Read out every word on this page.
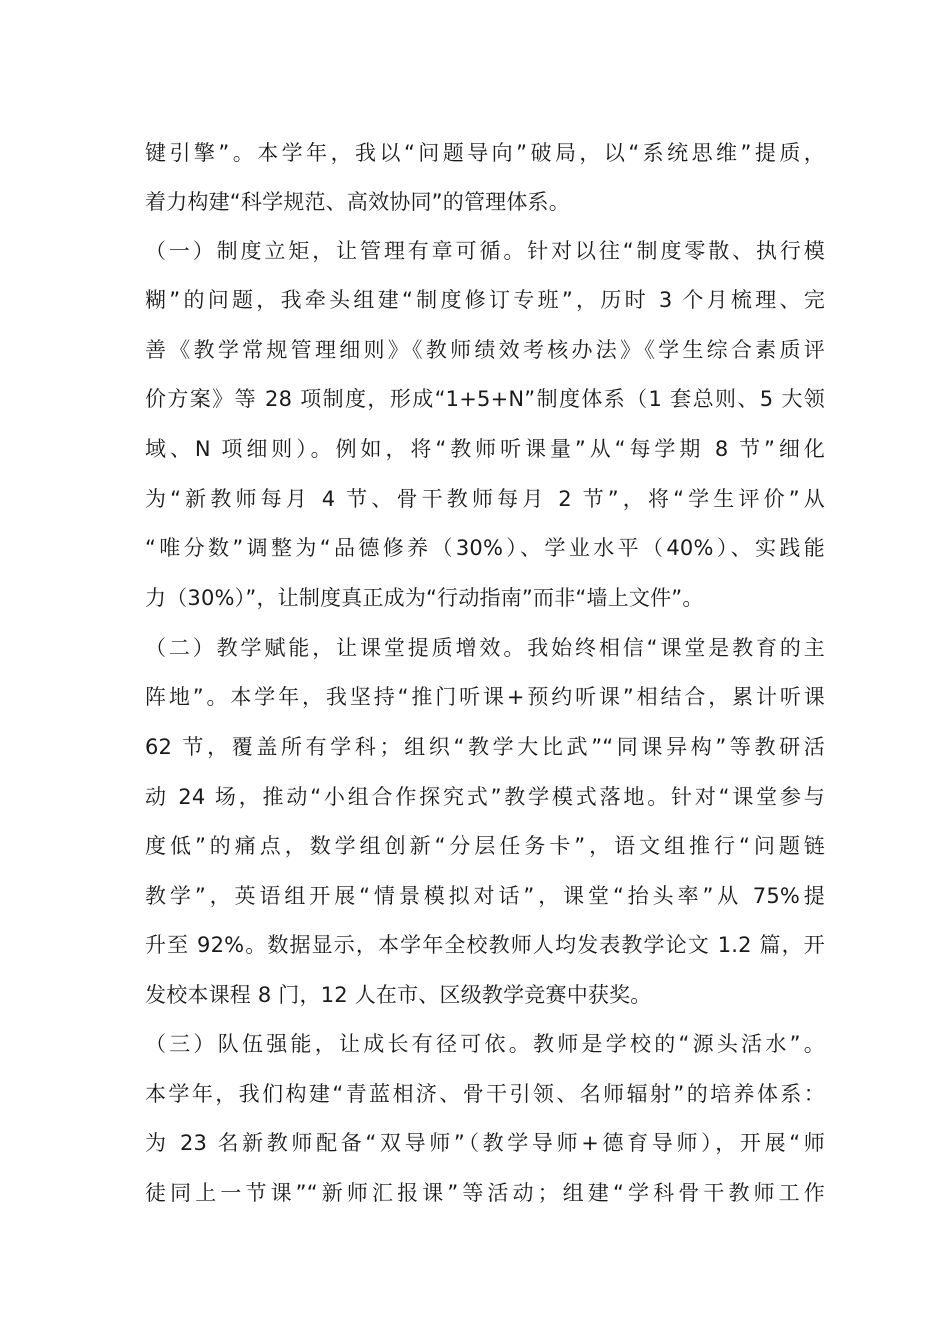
键引擎”。本学年，我以“问题导向”破局，以“系统思维”提质，
着力构建“科学规范、高效协同”的管理体系。
（一）制度立矩，让管理有章可循。针对以往“制度零散、执行模
糊”的问题，我牵头组建“制度修订专班”，历时 3 个月梳理、完
善《教学常规管理细则》《教师绩效考核办法》《学生综合素质评
价方案》等 28 项制度，形成“1+5+N”制度体系（1 套总则、5 大领
域、N 项细则）。例如，将“教师听课量”从“每学期 8 节”细化
为“新教师每月 4 节、骨干教师每月 2 节”，将“学生评价”从
“唯分数”调整为“品德修养（30%）、学业水平（40%）、实践能
力（30%）”，让制度真正成为“行动指南”而非“墙上文件”。
（二）教学赋能，让课堂提质增效。我始终相信“课堂是教育的主
阵地”。本学年，我坚持“推门听课+预约听课”相结合，累计听课
62 节，覆盖所有学科；组织“教学大比武”“同课异构”等教研活
动 24 场，推动“小组合作探究式”教学模式落地。针对“课堂参与
度低”的痛点，数学组创新“分层任务卡”，语文组推行“问题链
教学”，英语组开展“情景模拟对话”，课堂“抬头率”从 75%提
升至 92%。数据显示，本学年全校教师人均发表教学论文 1.2 篇，开
发校本课程 8 门，12 人在市、区级教学竞赛中获奖。
（三）队伍强能，让成长有径可依。教师是学校的“源头活水”。
本学年，我们构建“青蓝相济、骨干引领、名师辐射”的培养体系：
为 23 名新教师配备“双导师”（教学导师+德育导师），开展“师
徒同上一节课”“新师汇报课”等活动；组建“学科骨干教师工作
